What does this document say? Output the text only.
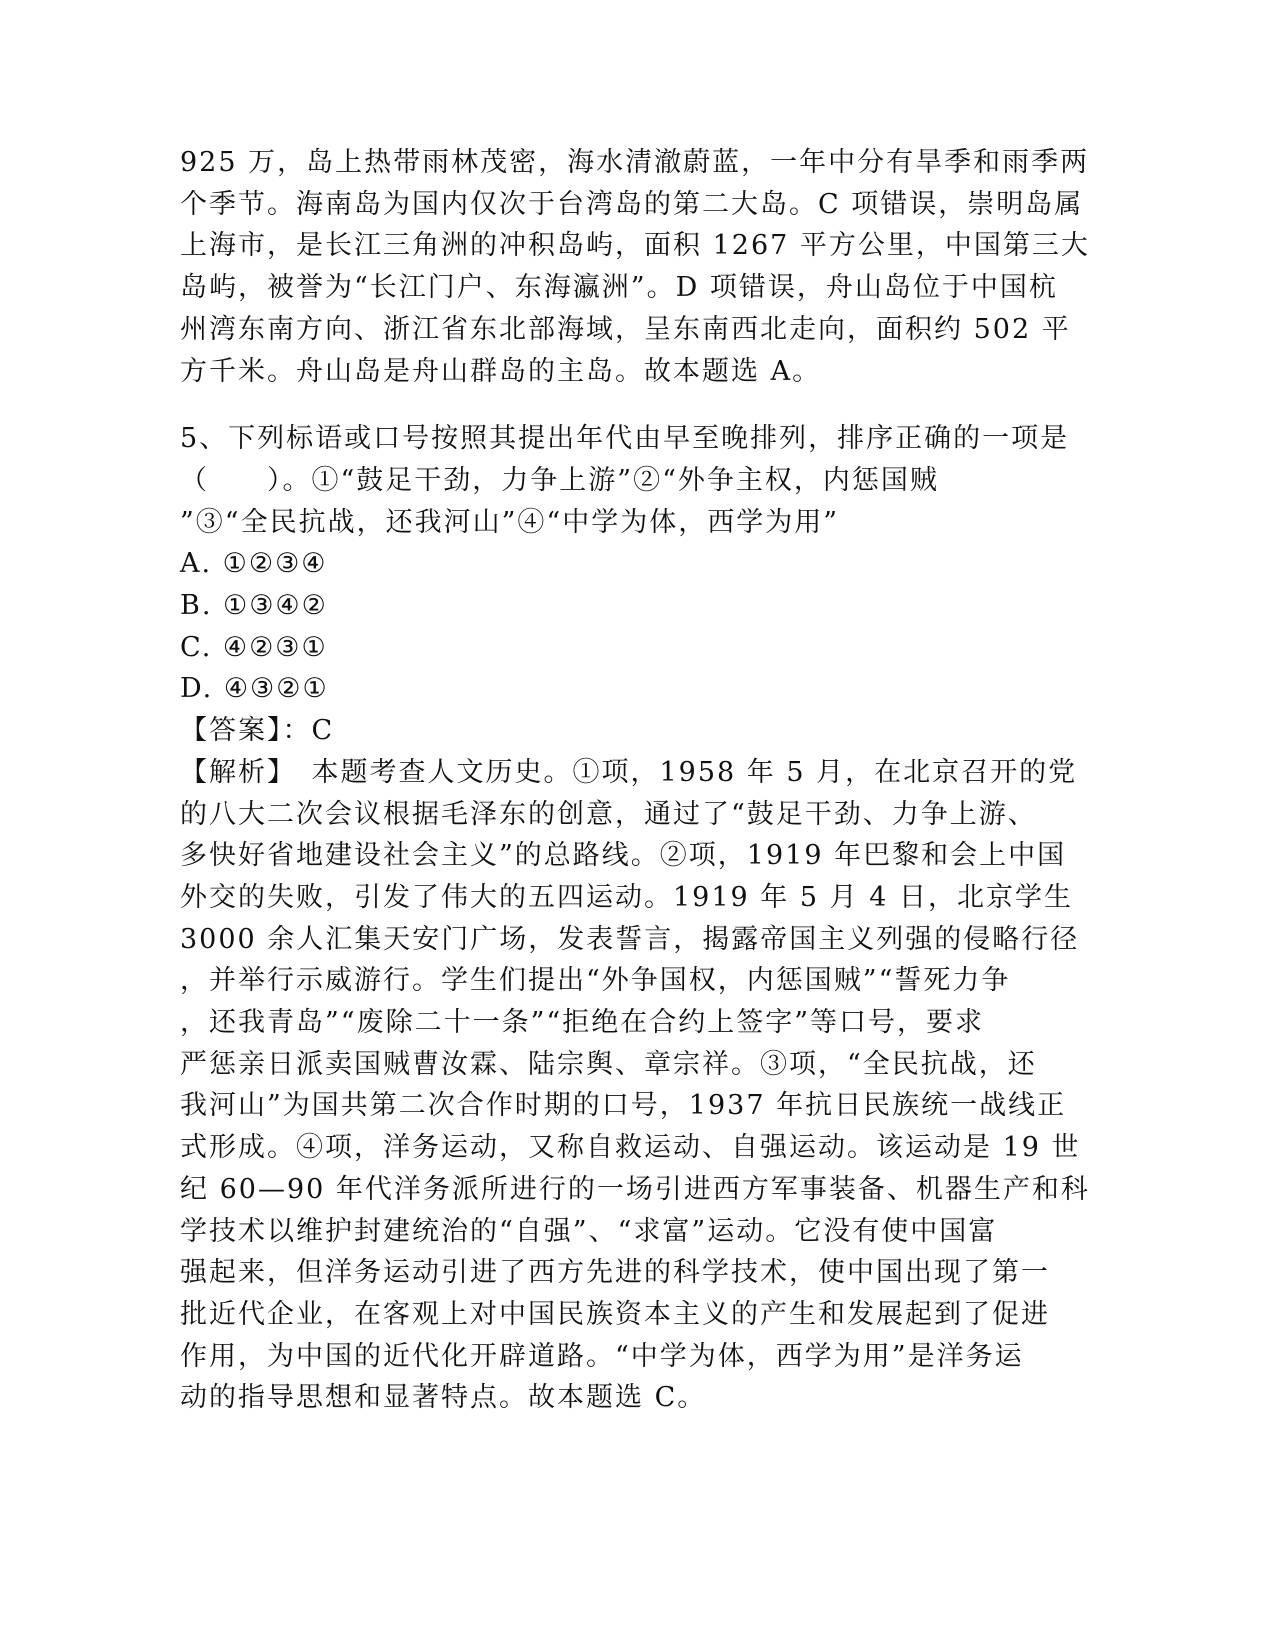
925 万，岛上热带雨林茂密，海水清澈蔚蓝，一年中分有旱季和雨季两
个季节。海南岛为国内仅次于台湾岛的第二大岛。C 项错误，崇明岛属
上海市，是长江三角洲的冲积岛屿，面积 1267 平方公里，中国第三大
岛屿，被誉为“长江门户、东海瀛洲”。D 项错误，舟山岛位于中国杭
州湾东南方向、浙江省东北部海域，呈东南西北走向，面积约 502 平
方千米。舟山岛是舟山群岛的主岛。故本题选 A。
5、下列标语或口号按照其提出年代由早至晚排列，排序正确的一项是
（　　）。①“鼓足干劲，力争上游”②“外争主权，内惩国贼
”③“全民抗战，还我河山”④“中学为体，西学为用”
A. ①②③④
B. ①③④②
C. ④②③①
D. ④③②①
【答案】：C
【解析】　本题考查人文历史。①项，1958 年 5 月，在北京召开的党
的八大二次会议根据毛泽东的创意，通过了“鼓足干劲、力争上游、
多快好省地建设社会主义”的总路线。②项，1919 年巴黎和会上中国
外交的失败，引发了伟大的五四运动。1919 年 5 月 4 日，北京学生
3000 余人汇集天安门广场，发表誓言，揭露帝国主义列强的侵略行径
，并举行示威游行。学生们提出“外争国权，内惩国贼”“誓死力争
，还我青岛”“废除二十一条”“拒绝在合约上签字”等口号，要求
严惩亲日派卖国贼曹汝霖、陆宗舆、章宗祥。③项，“全民抗战，还
我河山”为国共第二次合作时期的口号，1937 年抗日民族统一战线正
式形成。④项，洋务运动，又称自救运动、自强运动。该运动是 19 世
纪 60—90 年代洋务派所进行的一场引进西方军事装备、机器生产和科
学技术以维护封建统治的“自强”、“求富”运动。它没有使中国富
强起来，但洋务运动引进了西方先进的科学技术，使中国出现了第一
批近代企业，在客观上对中国民族资本主义的产生和发展起到了促进
作用，为中国的近代化开辟道路。“中学为体，西学为用”是洋务运
动的指导思想和显著特点。故本题选 C。
